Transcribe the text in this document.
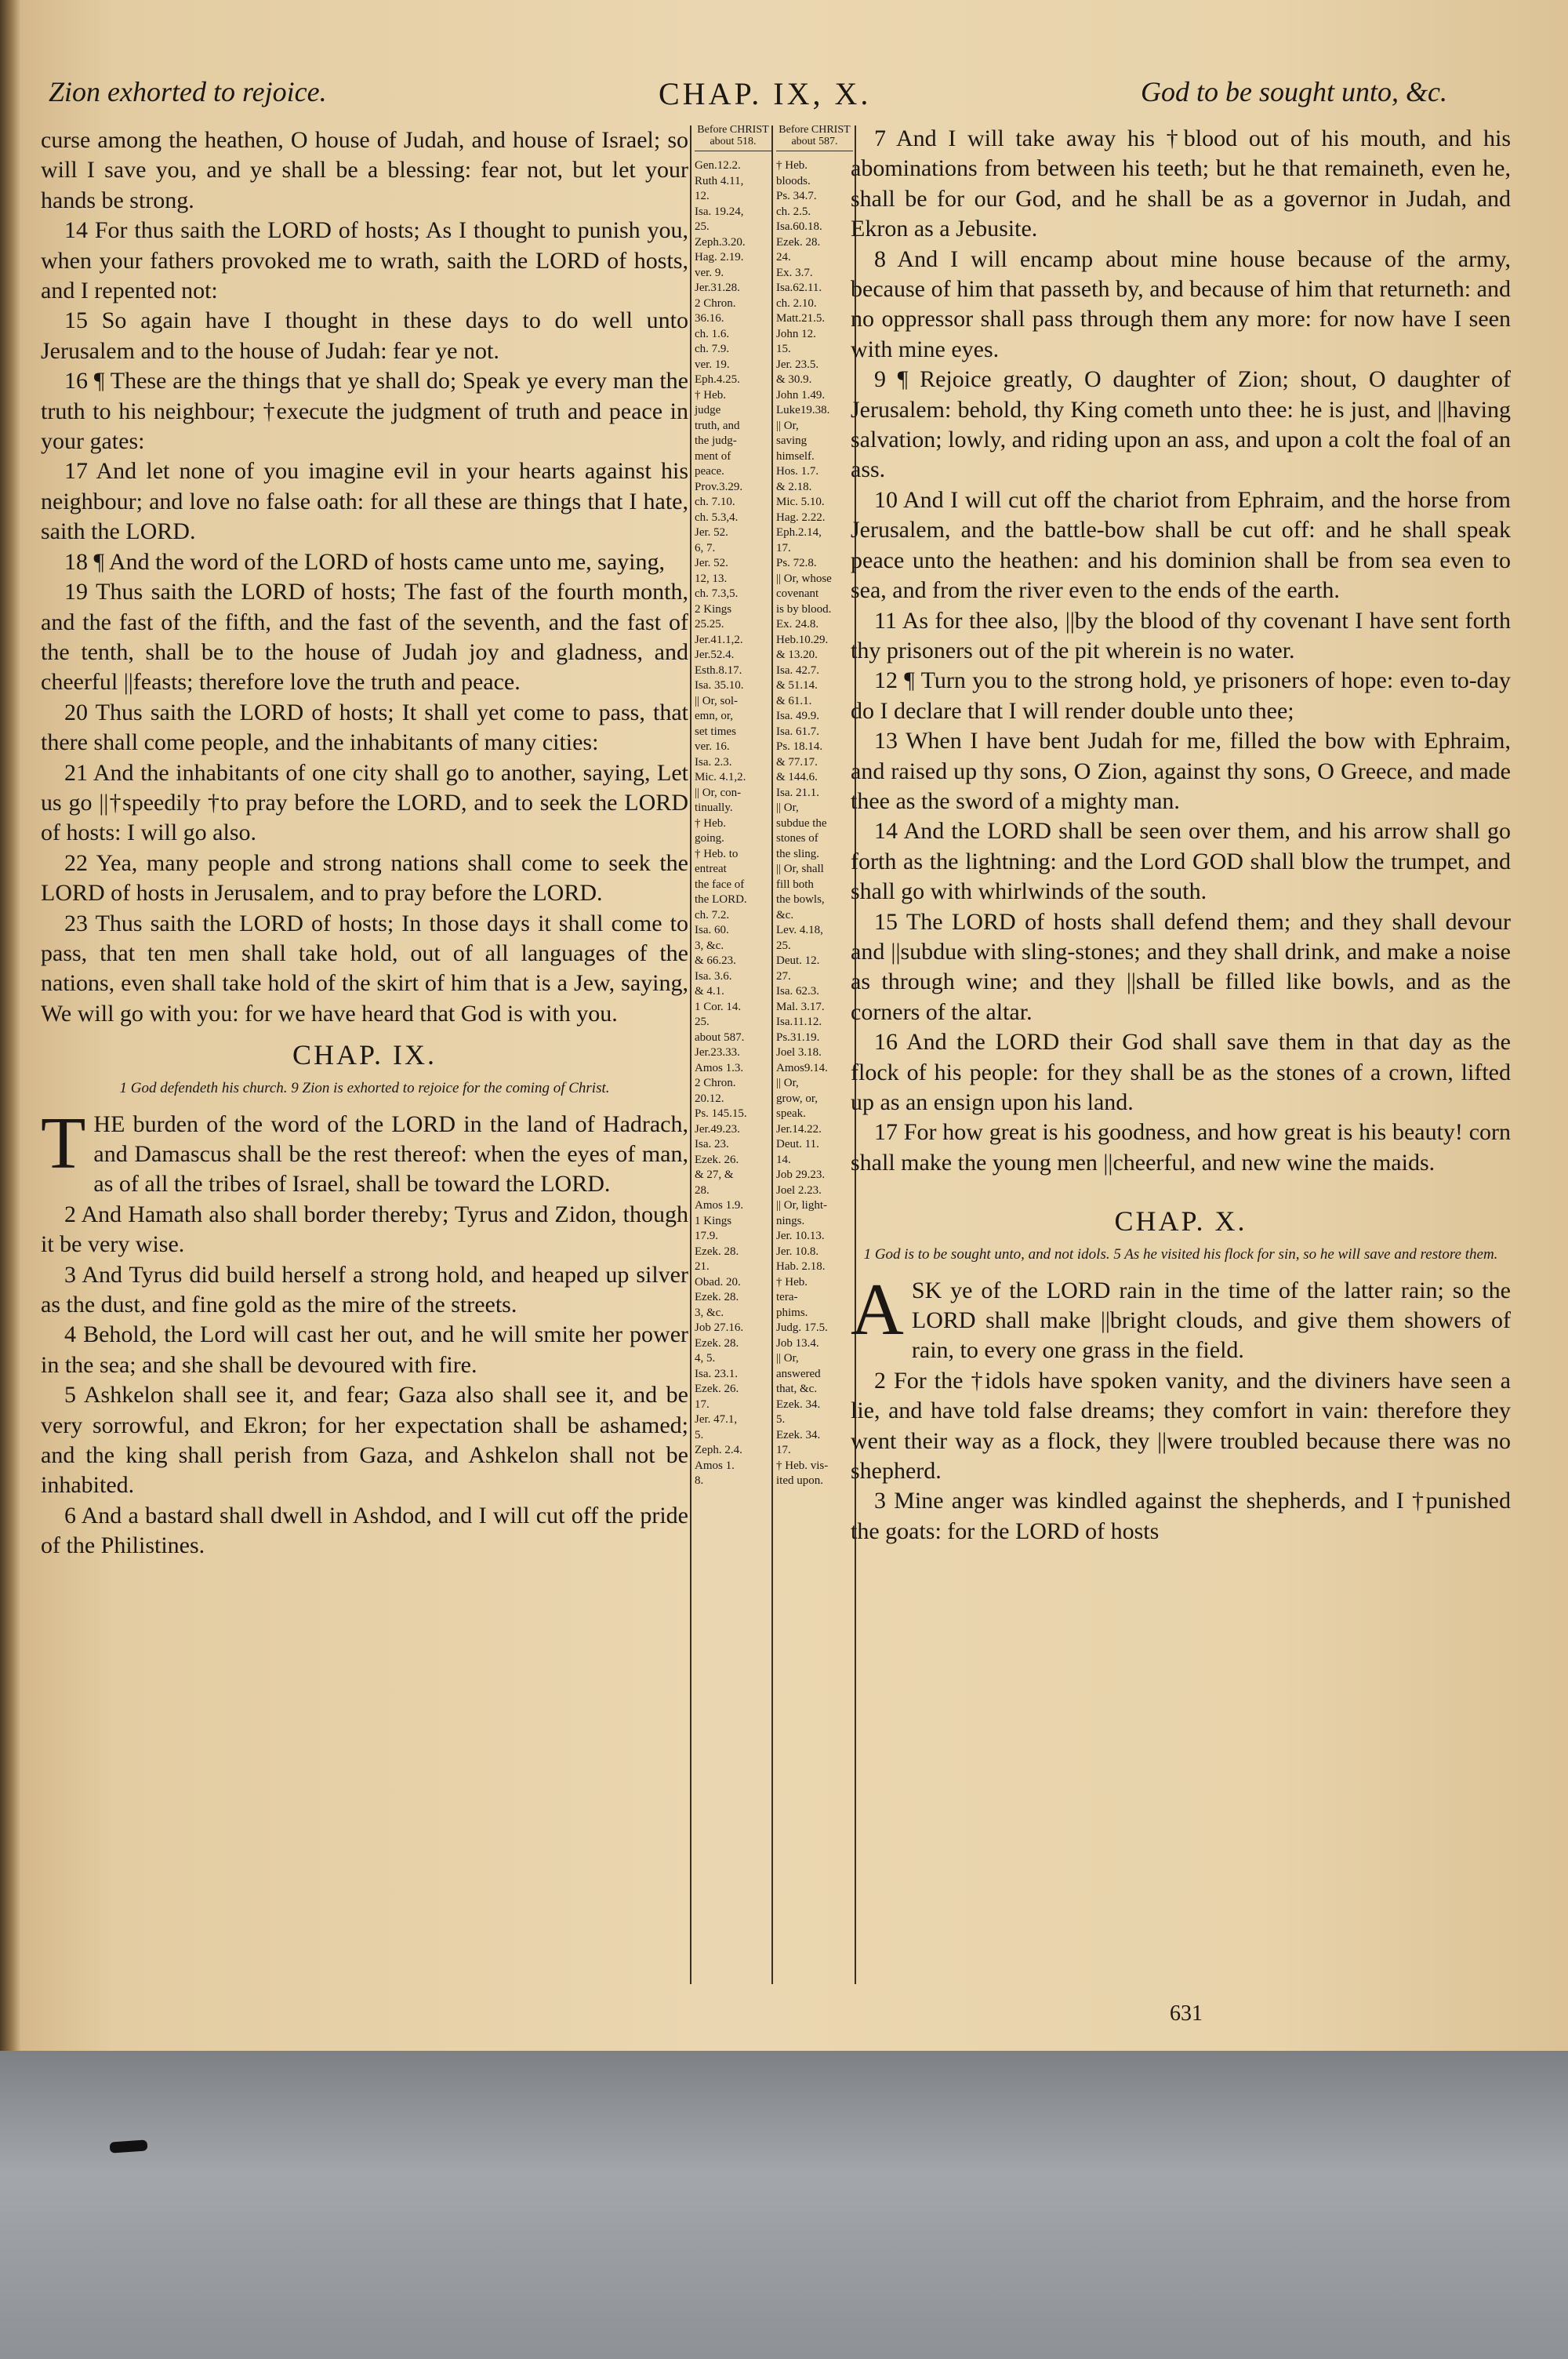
Zion exhorted to rejoice.	CHAP. IX, X.	God to be sought unto, &c.

curse among the heathen, O house of Judah, and house of Israel; so will I save you, and ye shall be a blessing: fear not, but let your hands be strong.

14 For thus saith the LORD of hosts; As I thought to punish you, when your fathers provoked me to wrath, saith the LORD of hosts, and I repented not:

15 So again have I thought in these days to do well unto Jerusalem and to the house of Judah: fear ye not.

16 ¶ These are the things that ye shall do; Speak ye every man the truth to his neighbour; †execute the judgment of truth and peace in your gates:

17 And let none of you imagine evil in your hearts against his neighbour; and love no false oath: for all these are things that I hate, saith the LORD.

18 ¶ And the word of the LORD of hosts came unto me, saying,

19 Thus saith the LORD of hosts; The fast of the fourth month, and the fast of the fifth, and the fast of the seventh, and the fast of the tenth, shall be to the house of Judah joy and gladness, and cheerful ||feasts; therefore love the truth and peace.

20 Thus saith the LORD of hosts; It shall yet come to pass, that there shall come people, and the inhabitants of many cities:

21 And the inhabitants of one city shall go to another, saying, Let us go ||†speedily †to pray before the LORD, and to seek the LORD of hosts: I will go also.

22 Yea, many people and strong nations shall come to seek the LORD of hosts in Jerusalem, and to pray before the LORD.

23 Thus saith the LORD of hosts; In those days it shall come to pass, that ten men shall take hold, out of all languages of the nations, even shall take hold of the skirt of him that is a Jew, saying, We will go with you: for we have heard that God is with you.

CHAP. IX.
1 God defendeth his church. 9 Zion is exhorted to rejoice for the coming of Christ.

THE burden of the word of the LORD in the land of Hadrach, and Damascus shall be the rest thereof: when the eyes of man, as of all the tribes of Israel, shall be toward the LORD.

2 And Hamath also shall border thereby; Tyrus and Zidon, though it be very wise.

3 And Tyrus did build herself a strong hold, and heaped up silver as the dust, and fine gold as the mire of the streets.

4 Behold, the Lord will cast her out, and he will smite her power in the sea; and she shall be devoured with fire.

5 Ashkelon shall see it, and fear; Gaza also shall see it, and be very sorrowful, and Ekron; for her expectation shall be ashamed; and the king shall perish from Gaza, and Ashkelon shall not be inhabited.

6 And a bastard shall dwell in Ashdod, and I will cut off the pride of the Philistines.

Before CHRIST about 518.
Gen.12.2.
Ruth 4.11,
12.
Isa. 19.24,
25.
Zeph.3.20.
Hag. 2.19.
ver. 9.
Jer.31.28.
2 Chron.
36.16.
ch. 1.6.
ch. 7.9.
ver. 19.
Eph.4.25.
† Heb.
judge
truth, and
the judg-
ment of
peace.
Prov.3.29.
ch. 7.10.
ch. 5.3,4.
Jer. 52.
6, 7.
Jer. 52.
12, 13.
ch. 7.3,5.
2 Kings
25.25.
Jer.41.1,2.
Jer.52.4.
Esth.8.17.
Isa. 35.10.
|| Or, sol-
emn, or,
set times
ver. 16.
Isa. 2.3.
Mic. 4.1,2.
|| Or, con-
tinually.
† Heb.
going.
† Heb. to
entreat
the face of
the LORD.
ch. 7.2.
Isa. 60.
3, &c.
& 66.23.
Isa. 3.6.
& 4.1.
1 Cor. 14.
25.
about 587.
Jer.23.33.
Amos 1.3.
2 Chron.
20.12.
Ps. 145.15.
Jer.49.23.
Isa. 23.
Ezek. 26.
& 27, &
28.
Amos 1.9.
1 Kings
17.9.
Ezek. 28.
21.
Obad. 20.
Ezek. 28.
3, &c.
Job 27.16.
Ezek. 28.
4, 5.
Isa. 23.1.
Ezek. 26.
17.
Jer. 47.1,
5.
Zeph. 2.4.
Amos 1.
8.
Before CHRIST about 587.
† Heb.
bloods.
Ps. 34.7.
ch. 2.5.
Isa.60.18.
Ezek. 28.
24.
Ex. 3.7.
Isa.62.11.
ch. 2.10.
Matt.21.5.
John 12.
15.
Jer. 23.5.
& 30.9.
John 1.49.
Luke19.38.
|| Or,
saving
himself.
Hos. 1.7.
& 2.18.
Mic. 5.10.
Hag. 2.22.
Eph.2.14,
17.
Ps. 72.8.
|| Or, whose
covenant
is by blood.
Ex. 24.8.
Heb.10.29.
& 13.20.
Isa. 42.7.
& 51.14.
& 61.1.
Isa. 49.9.
Isa. 61.7.
Ps. 18.14.
& 77.17.
& 144.6.
Isa. 21.1.
|| Or,
subdue the
stones of
the sling.
|| Or, shall
fill both
the bowls,
&c.
Lev. 4.18,
25.
Deut. 12.
27.
Isa. 62.3.
Mal. 3.17.
Isa.11.12.
Ps.31.19.
Joel 3.18.
Amos9.14.
|| Or,
grow, or,
speak.
Jer.14.22.
Deut. 11.
14.
Job 29.23.
Joel 2.23.
|| Or, light-
nings.
Jer. 10.13.
Jer. 10.8.
Hab. 2.18.
† Heb.
tera-
phims.
Judg. 17.5.
Job 13.4.
|| Or,
answered
that, &c.
Ezek. 34.
5.
Ezek. 34.
17.
† Heb. vis-
ited upon.

7 And I will take away his †blood out of his mouth, and his abominations from between his teeth; but he that remaineth, even he, shall be for our God, and he shall be as a governor in Judah, and Ekron as a Jebusite.

8 And I will encamp about mine house because of the army, because of him that passeth by, and because of him that returneth: and no oppressor shall pass through them any more: for now have I seen with mine eyes.

9 ¶ Rejoice greatly, O daughter of Zion; shout, O daughter of Jerusalem: behold, thy King cometh unto thee: he is just, and ||having salvation; lowly, and riding upon an ass, and upon a colt the foal of an ass.

10 And I will cut off the chariot from Ephraim, and the horse from Jerusalem, and the battle-bow shall be cut off: and he shall speak peace unto the heathen: and his dominion shall be from sea even to sea, and from the river even to the ends of the earth.

11 As for thee also, ||by the blood of thy covenant I have sent forth thy prisoners out of the pit wherein is no water.

12 ¶ Turn you to the strong hold, ye prisoners of hope: even to-day do I declare that I will render double unto thee;

13 When I have bent Judah for me, filled the bow with Ephraim, and raised up thy sons, O Zion, against thy sons, O Greece, and made thee as the sword of a mighty man.

14 And the LORD shall be seen over them, and his arrow shall go forth as the lightning: and the Lord GOD shall blow the trumpet, and shall go with whirlwinds of the south.

15 The LORD of hosts shall defend them; and they shall devour and ||subdue with sling-stones; and they shall drink, and make a noise as through wine; and they ||shall be filled like bowls, and as the corners of the altar.

16 And the LORD their God shall save them in that day as the flock of his people: for they shall be as the stones of a crown, lifted up as an ensign upon his land.

17 For how great is his goodness, and how great is his beauty! corn shall make the young men ||cheerful, and new wine the maids.

CHAP. X.
1 God is to be sought unto, and not idols. 5 As he visited his flock for sin, so he will save and restore them.

ASK ye of the LORD rain in the time of the latter rain; so the LORD shall make ||bright clouds, and give them showers of rain, to every one grass in the field.

2 For the †idols have spoken vanity, and the diviners have seen a lie, and have told false dreams; they comfort in vain: therefore they went their way as a flock, they ||were troubled because there was no shepherd.

3 Mine anger was kindled against the shepherds, and I †punished the goats: for the LORD of hosts

631
